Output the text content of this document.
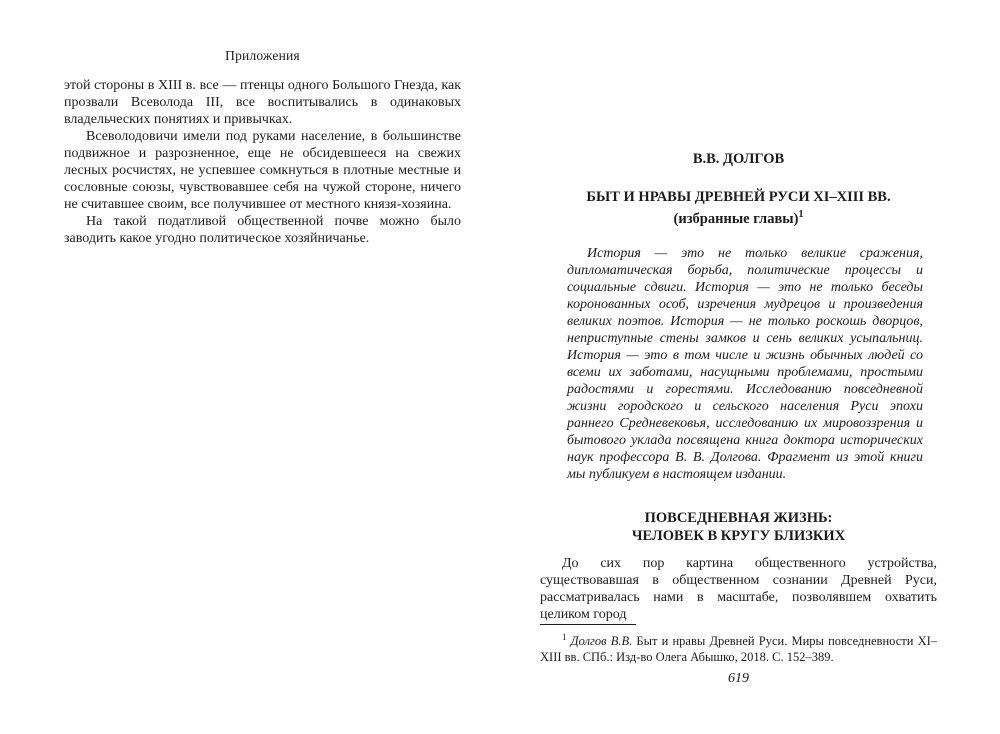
Приложения

этой стороны в XIII в. все — птенцы одного Большого Гнезда, как прозвали Всеволода III, все воспитывались в одинаковых владельческих понятиях и привычках.

Всеволодовичи имели под руками население, в большинстве подвижное и разрозненное, еще не обсидевшееся на свежих лесных росчистях, не успевшее сомкнуться в плотные местные и сословные союзы, чувствовавшее себя на чужой стороне, ничего не считавшее своим, все получившее от местного князя-хозяина.

На такой податливой общественной почве можно было заводить какое угодно политическое хозяйничанье.

В.В. ДОЛГОВ
БЫТ И НРАВЫ ДРЕВНЕЙ РУСИ XI–XIII ВВ.
(избранные главы)$^1$

История — это не только великие сражения, дипломатическая борьба, политические процессы и социальные сдвиги. История — это не только беседы коронованных особ, изречения мудрецов и произведения великих поэтов. История — не только роскошь дворцов, неприступные стены замков и сень великих усыпальниц. История — это в том числе и жизнь обычных людей со всеми их заботами, насущными проблемами, простыми радостями и горестями. Исследованию повседневной жизни городского и сельского населения Руси эпохи раннего Средневековья, исследованию их мировоззрения и бытового уклада посвящена книга доктора исторических наук профессора В. В. Долгова. Фрагмент из этой книги мы публикуем в настоящем издании.

ПОВСЕДНЕВНАЯ ЖИЗНЬ:
ЧЕЛОВЕК В КРУГУ БЛИЗКИХ

До сих пор картина общественного устройства, существовавшая в общественном сознании Древней Руси, рассматривалась нами в масштабе, позволявшем охватить целиком город

$^1$ Долгов В.В. Быт и нравы Древней Руси. Миры повседневности XI–XIII вв. СПб.: Изд-во Олега Абышко, 2018. С. 152–389.

619
